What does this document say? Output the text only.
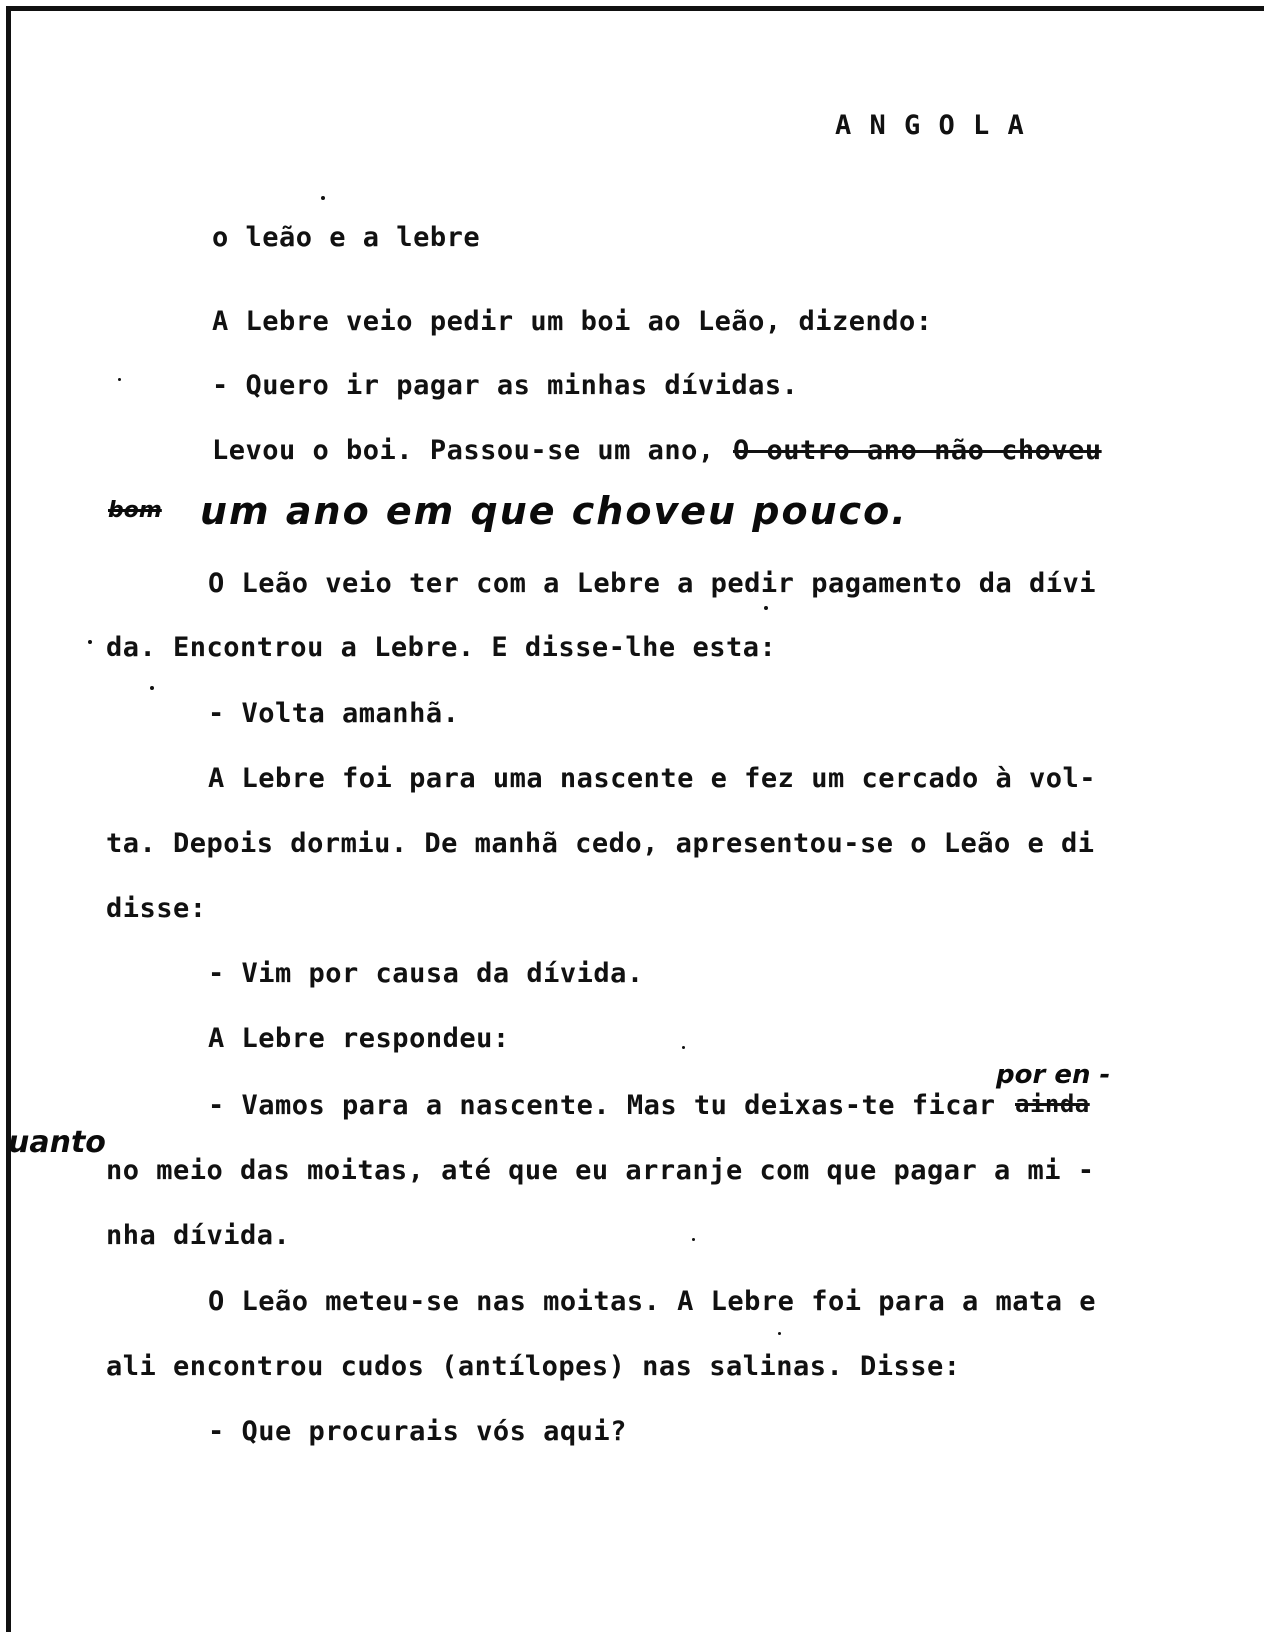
A N G O L A
o leão e a lebre
A Lebre veio pedir um boi ao Leão, dizendo:
- Quero ir pagar as minhas dívidas.
Levou o boi. Passou-se um ano, O outro ano não choveu
bom um ano em que choveu pouco.
O Leão veio ter com a Lebre a pedir pagamento da dívi
da. Encontrou a Lebre. E disse-lhe esta:
- Volta amanhã.
A Lebre foi para uma nascente e fez um cercado à vol-
ta. Depois dormiu. De manhã cedo, apresentou-se o Leão e di
disse:
- Vim por causa da dívida.
A Lebre respondeu:
por en -
- Vamos para a nascente. Mas tu deixas-te ficar ainda
uanto
no meio das moitas, até que eu arranje com que pagar a mi -
nha dívida.
O Leão meteu-se nas moitas. A Lebre foi para a mata e
ali encontrou cudos (antílopes) nas salinas. Disse:
- Que procurais vós aqui?
